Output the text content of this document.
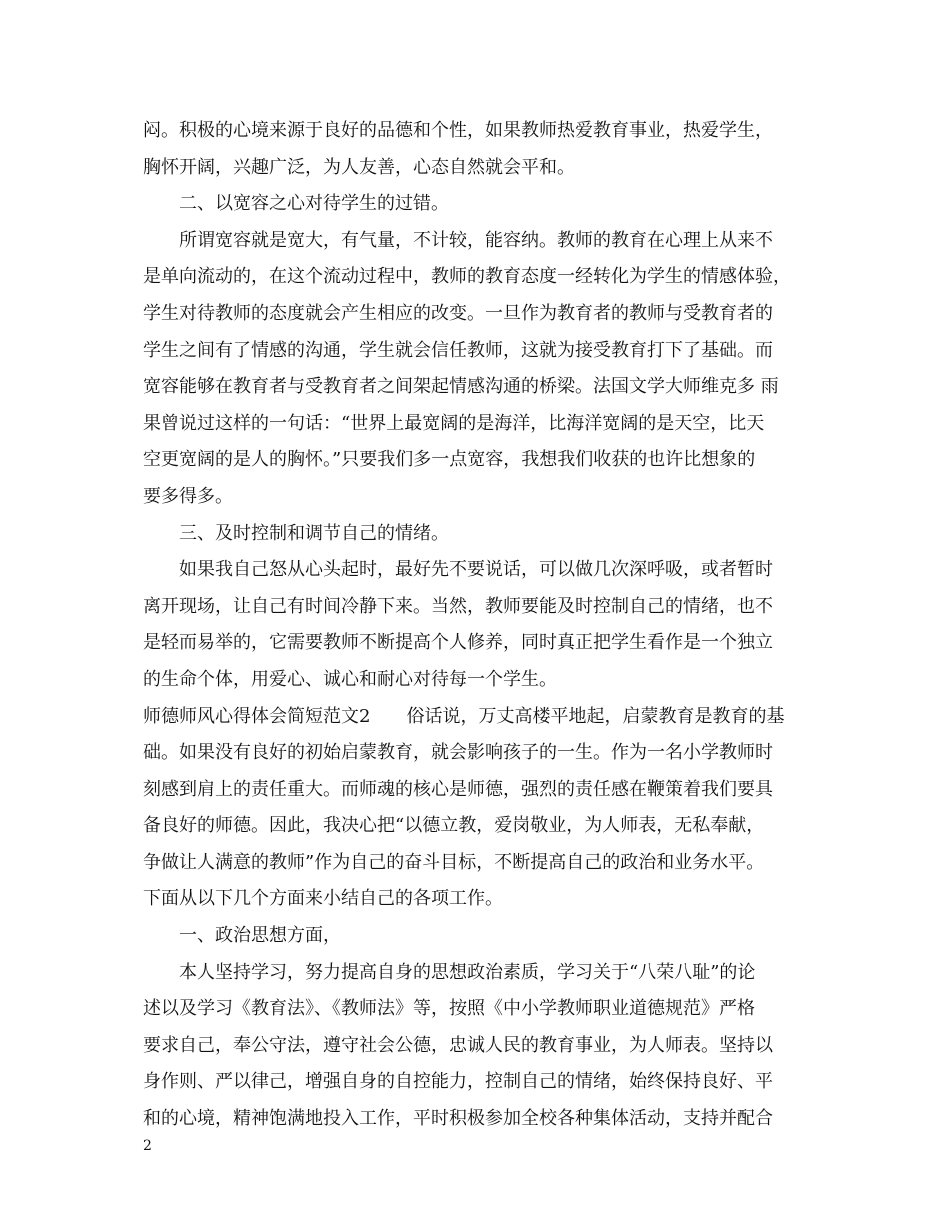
闷。积极的心境来源于良好的品德和个性，如果教师热爱教育事业，热爱学生，
胸怀开阔，兴趣广泛，为人友善，心态自然就会平和。
二、以宽容之心对待学生的过错。
所谓宽容就是宽大，有气量，不计较，能容纳。教师的教育在心理上从来不
是单向流动的，在这个流动过程中，教师的教育态度一经转化为学生的情感体验，
学生对待教师的态度就会产生相应的改变。一旦作为教育者的教师与受教育者的
学生之间有了情感的沟通，学生就会信任教师，这就为接受教育打下了基础。而
宽容能够在教育者与受教育者之间架起情感沟通的桥梁。法国文学大师维克多 雨
果曾说过这样的一句话：“世界上最宽阔的是海洋，比海洋宽阔的是天空，比天
空更宽阔的是人的胸怀。”只要我们多一点宽容，我想我们收获的也许比想象的
要多得多。
三、及时控制和调节自己的情绪。
如果我自己怒从心头起时，最好先不要说话，可以做几次深呼吸，或者暂时
离开现场，让自己有时间冷静下来。当然，教师要能及时控制自己的情绪，也不
是轻而易举的，它需要教师不断提高个人修养，同时真正把学生看作是一个独立
的生命个体，用爱心、诚心和耐心对待每一个学生。
师德师风心得体会简短范文2 俗话说，万丈高楼平地起，启蒙教育是教育的基
础。如果没有良好的初始启蒙教育，就会影响孩子的一生。作为一名小学教师时
刻感到肩上的责任重大。而师魂的核心是师德，强烈的责任感在鞭策着我们要具
备良好的师德。因此，我决心把“以德立教，爱岗敬业，为人师表，无私奉献，
争做让人满意的教师”作为自己的奋斗目标，不断提高自己的政治和业务水平。
下面从以下几个方面来小结自己的各项工作。
一、政治思想方面，
本人坚持学习，努力提高自身的思想政治素质，学习关于“八荣八耻”的论
述以及学习《教育法》、《教师法》等，按照《中小学教师职业道德规范》严格
要求自己，奉公守法，遵守社会公德，忠诚人民的教育事业，为人师表。坚持以
身作则、严以律己，增强自身的自控能力，控制自己的情绪，始终保持良好、平
和的心境，精神饱满地投入工作，平时积极参加全校各种集体活动，支持并配合
2
